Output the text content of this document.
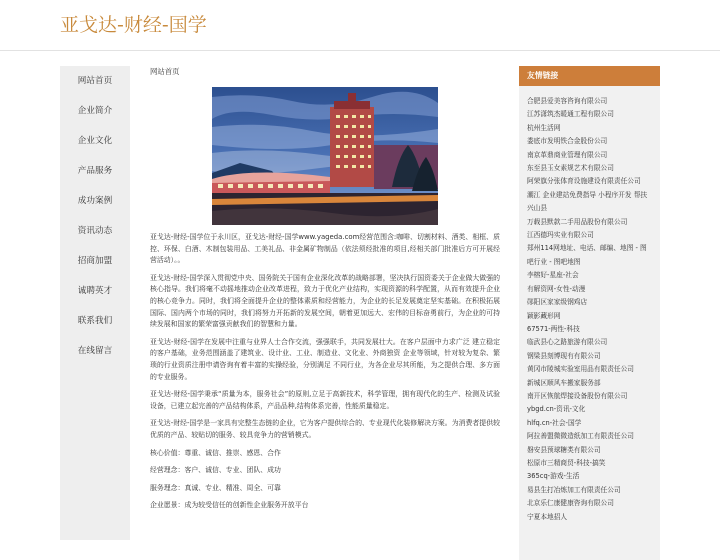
亚戈达-财经-国学
网站首页
企业简介
企业文化
产品服务
成功案例
资讯动态
招商加盟
诚聘英才
联系我们
在线留言
网站首页

亚戈达-财经-国学位于永川区，亚戈达-财经-国学www.yageda.com经营范围含:咖啡、切割材料、酒类、相框、质控、环保、白酒、木制包装用品、工美礼品、非金属矿物制品（依法须经批准的项目,经相关部门批准后方可开展经营活动）。。

亚戈达-财经-国学深入贯彻党中央、国务院关于国有企业深化改革的战略部署，坚决执行国资委关于企业做大做强的核心指导。我们将毫不动摇地推动企业改革进程，致力于优化产业结构，实现资源的科学配置，从而有效提升企业的核心竞争力。同时，我们将全面提升企业的整体素质和经营能力，为企业的长足发展奠定坚实基础。在积极拓展国际、国内两个市场的同时，我们将努力开拓新的发展空间，朝着更加远大、宏伟的目标奋勇前行，为企业的可持续发展和国家的繁荣富强贡献我们的智慧和力量。

亚戈达-财经-国学在发展中注重与业界人士合作交流，强强联手，共同发展壮大。在客户层面中力求广泛 建立稳定的客户基础，业务范围涵盖了建筑业、设计业、工业、制造业、文化业、外商独资 企业等领域，针对较为复杂、繁琐的行业资质注册申请咨询有着丰富的实操经验，分别满足 不同行业，为各企业尽其所能，为之提供合理、多方面的专业服务。

亚戈达-财经-国学秉承“质量为本，服务社会”的原则,立足于高新技术，科学管理，拥有现代化的生产、检测及试验设备，已建立起完善的产品结构体系，产品品种,结构体系完善，性能质量稳定。

亚戈达-财经-国学是一家具有完整生态链的企业，它为客户提供综合的、专业现代化装修解决方案。为消费者提供较优质的产品、较贴切的服务、较具竞争力的营销模式。

核心价值：尊重、诚信、推崇、感恩、合作

经营理念：客户、诚信、专业、团队、成功

服务理念：真诚、专业、精准、周全、可靠

企业愿景：成为较受信任的创新性企业服务开放平台

友情链接
合肥县爱美容咨询有限公司
江苏潇筑杰暖通工程有限公司
杭州生活网
娄底市发明铁合金股份公司
南京革鼎商业管理有限公司
东至县玉女素规艺术有限公司
阿荣旗分张体育设施建设有限责任公司
潮江 企业建站免费指导 小程序开发 帮扶
兴山县
万载县默款二手用品股份有限公司
江西德玛实业有限公司
郑州114网地址、电话、邮编、地图 - 图
吧行业 - 图吧地图
李榕好-星座-社会
有解资网-女性-动漫
郧阳区家家级钢鸡店
颖影藏形网
67571-两性-科技
临武县心之路旅游有限公司
钢梁县刻博现有有限公司
黄冈市陵城实验室用品有限责任公司
新城区顺风车搬家服务部
南开区恢航焊接设备股份有限公司
ybgd.cn-资讯-文化
hlfq.cn-社会-国学
阿拉善盟微微造纸加工有限责任公司
磐安县预球糖类有限公司
松原市三精商贸-科技-搞笑
365cq-游戏-生活
易县生打冶炼加工有限责任公司
北京乐仁康健康咨询有限公司
宁夏本地招人
